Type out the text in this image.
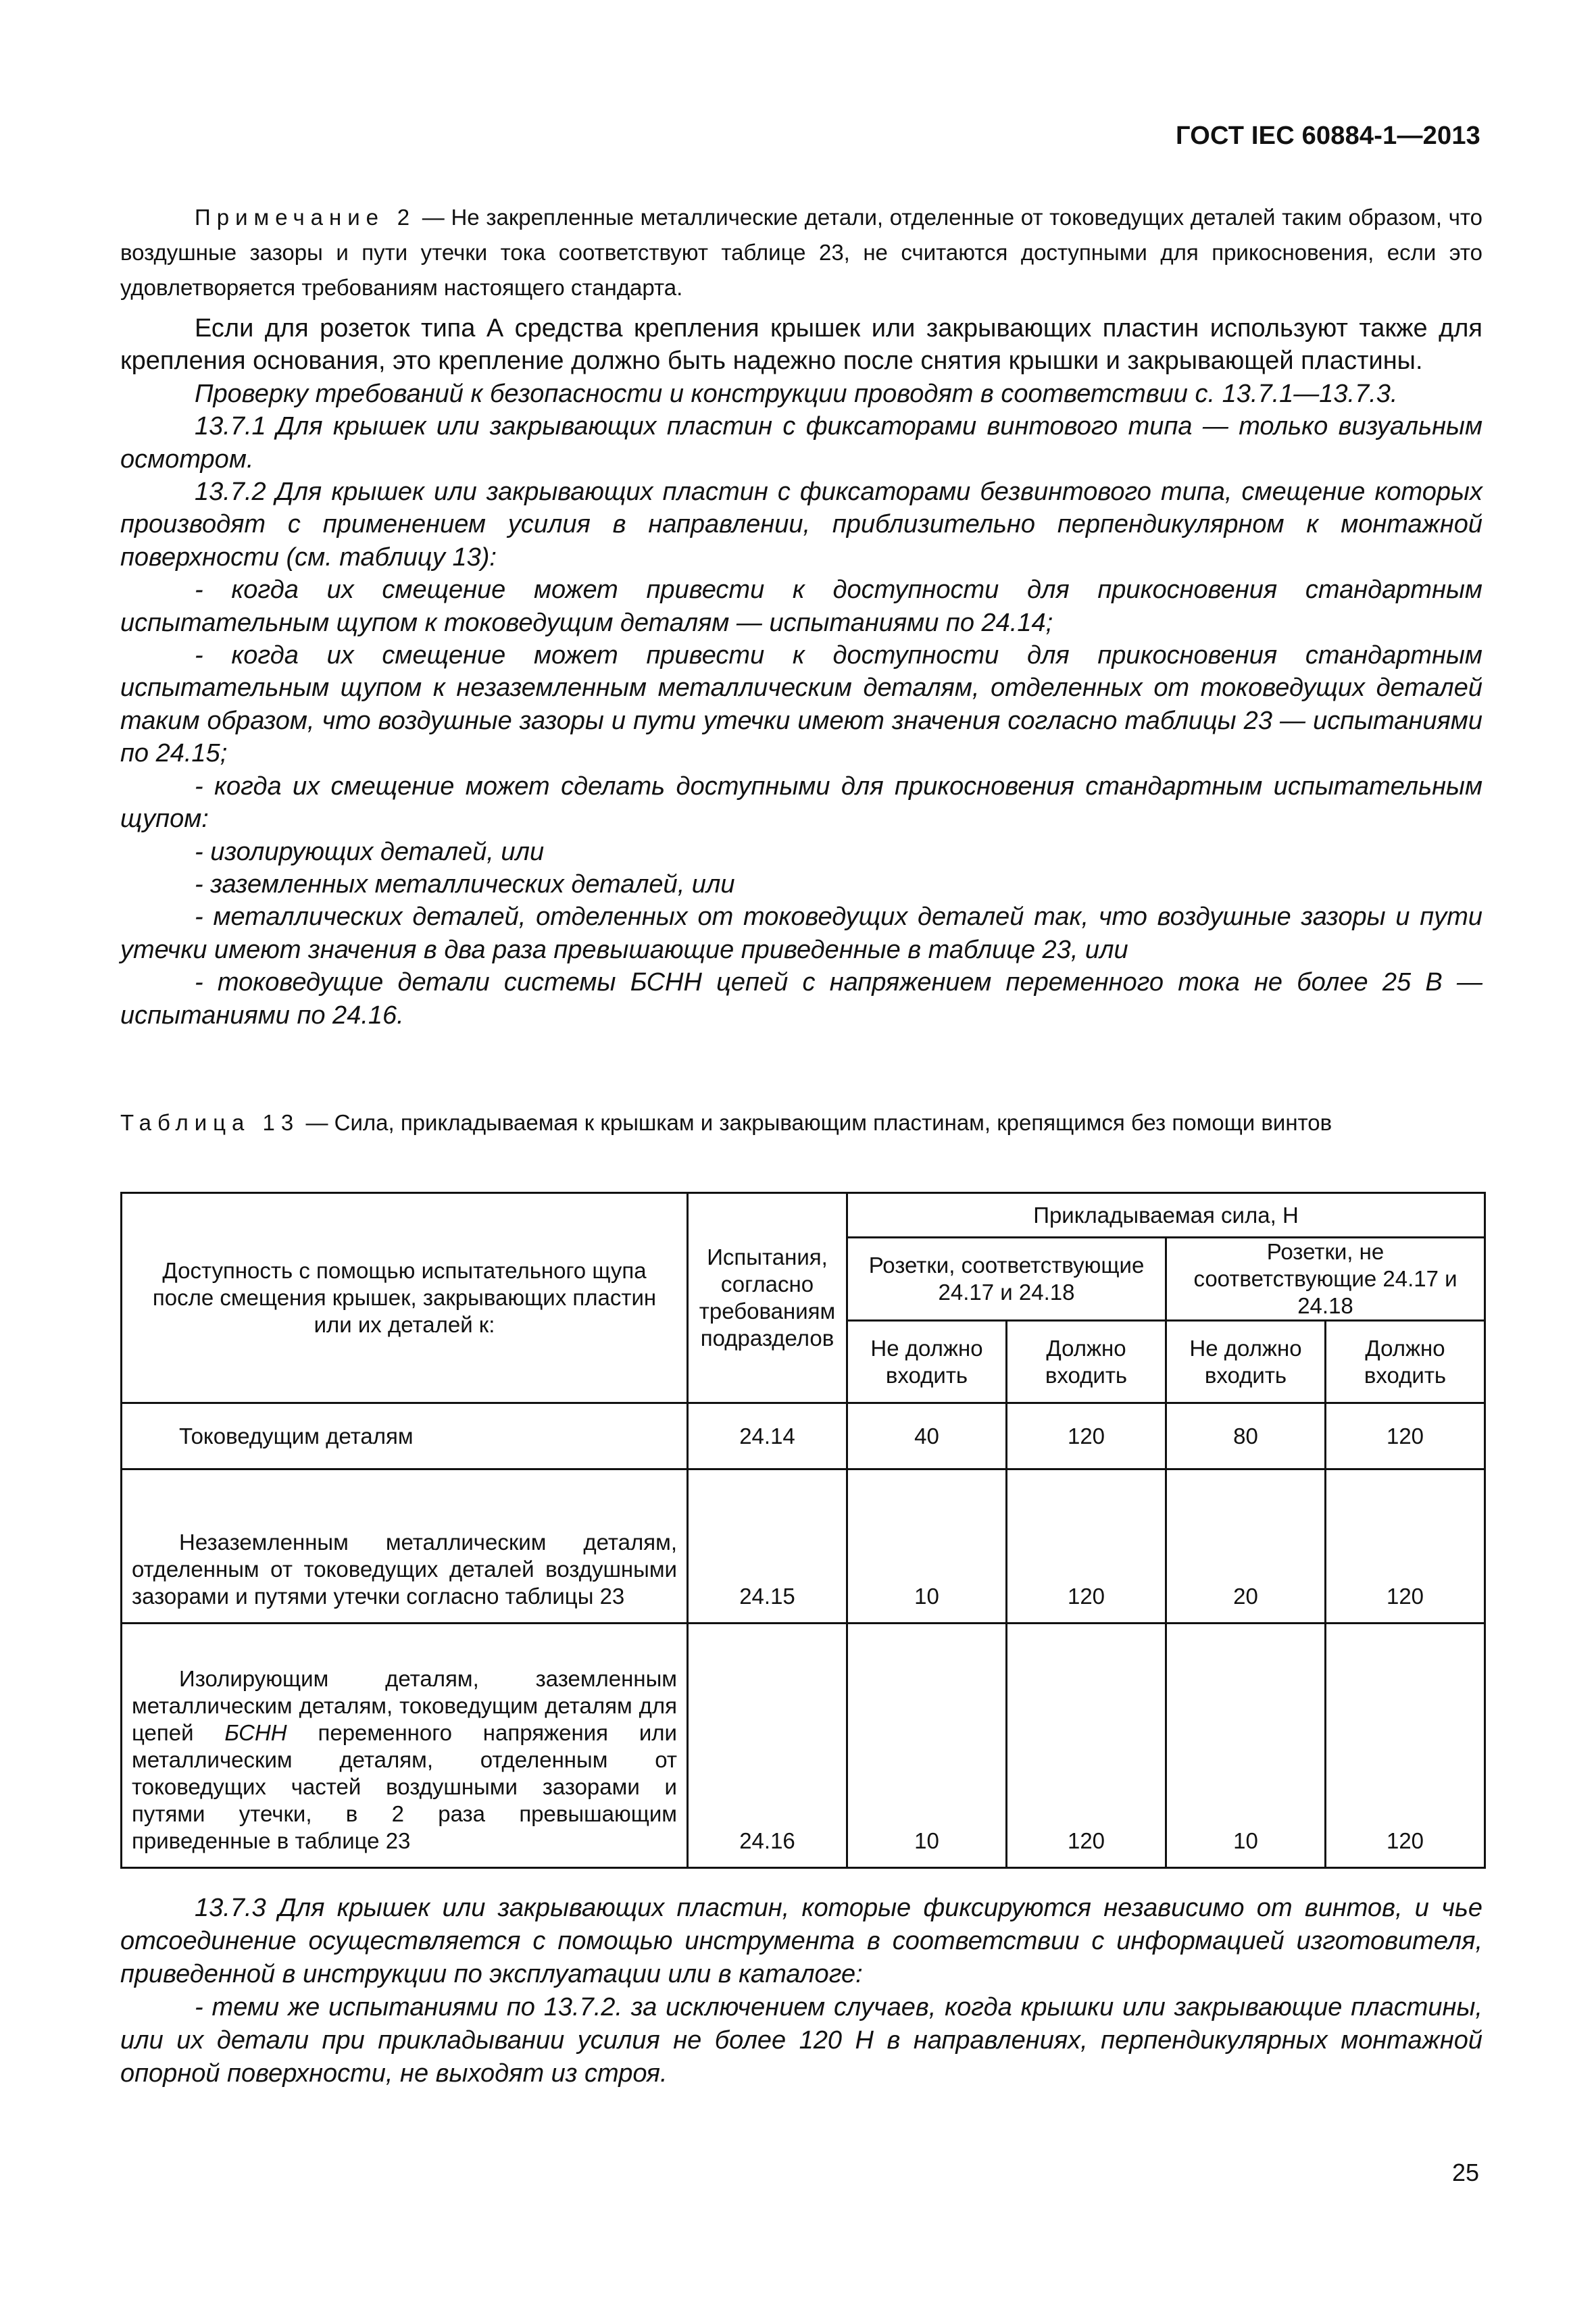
ГОСТ IEC 60884-1—2013

Примечание 2 — Не закрепленные металлические детали, отделенные от токоведущих деталей таким образом, что воздушные зазоры и пути утечки тока соответствуют таблице 23, не считаются доступными для прикосновения, если это удовлетворяется требованиям настоящего стандарта.

Если для розеток типа А средства крепления крышек или закрывающих пластин используют также для крепления основания, это крепление должно быть надежно после снятия крышки и закрывающей пластины.

Проверку требований к безопасности и конструкции проводят в соответствии с. 13.7.1—13.7.3.

13.7.1 Для крышек или закрывающих пластин с фиксаторами винтового типа — только визуальным осмотром.

13.7.2 Для крышек или закрывающих пластин с фиксаторами безвинтового типа, смещение которых производят с применением усилия в направлении, приблизительно перпендикулярном к монтажной поверхности (см. таблицу 13):

- когда их смещение может привести к доступности для прикосновения стандартным испытательным щупом к токоведущим деталям — испытаниями по 24.14;

- когда их смещение может привести к доступности для прикосновения стандартным испытательным щупом к незаземленным металлическим деталям, отделенных от токоведущих деталей таким образом, что воздушные зазоры и пути утечки имеют значения согласно таблицы 23 — испытаниями по 24.15;

- когда их смещение может сделать доступными для прикосновения стандартным испытательным щупом:

- изолирующих деталей, или

- заземленных металлических деталей, или

- металлических деталей, отделенных от токоведущих деталей так, что воздушные зазоры и пути утечки имеют значения в два раза превышающие приведенные в таблице 23, или

- токоведущие детали системы БСНН цепей с напряжением переменного тока не более 25 В — испытаниями по 24.16.

Таблица 13 — Сила, прикладываемая к крышкам и закрывающим пластинам, крепящимся без помощи винтов
Доступность с помощью испытательного щупа после смещения крышек, закрывающих пластин или их деталей к:	Испытания, согласно требованиям подразделов	Прикладываемая сила, Н			
		Розетки, соответствующие 24.17 и 24.18		Розетки, не соответствующие 24.17 и 24.18	
		Не должно входить	Должно входить	Не должно входить	Должно входить

Токоведущим деталям	24.14	40	120	80	120

Незаземленным металлическим деталям, отделенным от токоведущих деталей воздушными зазорами и путями утечки согласно таблицы 23	24.15	10	120	20	120

Изолирующим деталям, заземленным металлическим деталям, токоведущим деталям для цепей БСНН переменного напряжения или металлическим деталям, отделенным от токоведущих частей воздушными зазорами и путями утечки, в 2 раза превышающим приведенные в таблице 23	24.16	10	120	10	120

13.7.3 Для крышек или закрывающих пластин, которые фиксируются независимо от винтов, и чье отсоединение осуществляется с помощью инструмента в соответствии с информацией изготовителя, приведенной в инструкции по эксплуатации или в каталоге:

- теми же испытаниями по 13.7.2. за исключением случаев, когда крышки или закрывающие пластины, или их детали при прикладывании усилия не более 120 Н в направлениях, перпендикулярных монтажной опорной поверхности, не выходят из строя.

25
